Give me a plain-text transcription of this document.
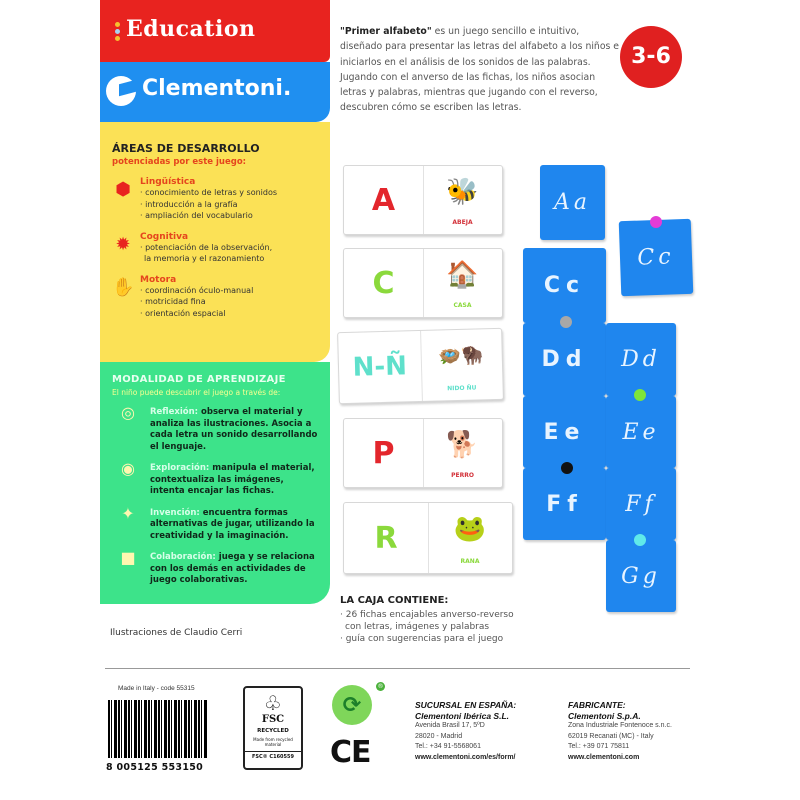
Education
Clementoni.
ÁREAS DE DESARROLLO
potenciadas por este juego:
⬢	Lingüística
· conocimiento de letras y sonidos
· introducción a la grafía
· ampliación del vocabulario
✹	Cognitiva
· potenciación de la observación,
la memoria y el razonamiento
✋ Motora
· coordinación óculo-manual
· motricidad fina
· orientación espacial
MODALIDAD DE APRENDIZAJE
El niño puede descubrir el juego a través de:
◎	Reflexión: observa el material y analiza las ilustraciones. Asocia a cada letra un sonido desarrollando el lenguaje.
◉	Exploración: manipula el material, contextualiza las imágenes, intenta encajar las fichas.
✦	Invención: encuentra formas alternativas de jugar, utilizando la creatividad y la imaginación.
■	Colaboración: juega y se relaciona con los demás en actividades de juego colaborativas.
Ilustraciones de Claudio Cerri
"Primer alfabeto" es un juego sencillo e intuitivo, diseñado para presentar las letras del alfabeto a los niños e iniciarlos en el análisis de los sonidos de las palabras. Jugando con el anverso de las fichas, los niños asocian letras y palabras, mientras que jugando con el reverso, descubren cómo se escriben las letras.
3-6
A	🐝
ABEJA
C	🏠
CASA
N-Ñ	🪺🦬
NIDO ÑU
P	🐕
PERRO
R	🐸
RANA
Aa
Cc
Cc
Dd Dd
Ee Ee
Ff Ff
Gg
LA CAJA CONTIENE:
· 26 fichas encajables anverso-reverso
con letras, imágenes y palabras
· guía con sugerencias para el juego
Made in Italy - code 55315
8 005125 553150
♧
FSC
RECYCLED
Made from recycled material
FSC® C160559
⟳
®
CE
SUCURSAL EN ESPAÑA:
Clementoni Ibérica S.L.
Avenida Brasil 17, 5ºD
28020 - Madrid
Tel.: +34 91-5568061
www.clementoni.com/es/form/
FABRICANTE:
Clementoni S.p.A.
Zona Industriale Fontenoce s.n.c.
62019 Recanati (MC) - Italy
Tel.: +39 071 75811
www.clementoni.com
